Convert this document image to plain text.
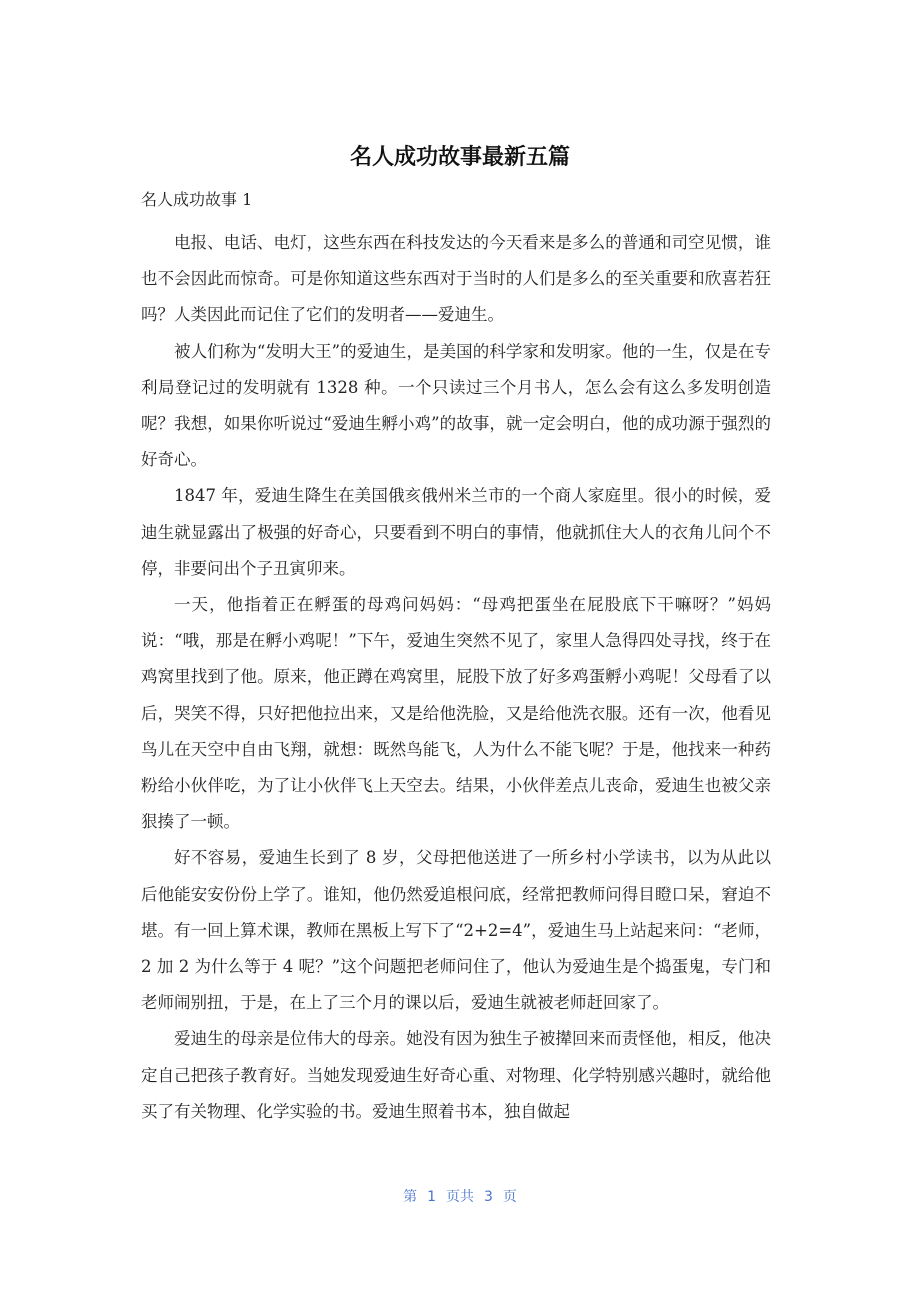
名人成功故事最新五篇
名人成功故事 1

电报、电话、电灯，这些东西在科技发达的今天看来是多么的普通和司空见惯，谁也不会因此而惊奇。可是你知道这些东西对于当时的人们是多么的至关重要和欣喜若狂吗？人类因此而记住了它们的发明者——爱迪生。

被人们称为“发明大王”的爱迪生，是美国的科学家和发明家。他的一生，仅是在专利局登记过的发明就有 1328 种。一个只读过三个月书人，怎么会有这么多发明创造呢？我想，如果你听说过“爱迪生孵小鸡”的故事，就一定会明白，他的成功源于强烈的好奇心。

1847 年，爱迪生降生在美国俄亥俄州米兰市的一个商人家庭里。很小的时候，爱迪生就显露出了极强的好奇心，只要看到不明白的事情，他就抓住大人的衣角儿问个不停，非要问出个子丑寅卯来。

一天，他指着正在孵蛋的母鸡问妈妈：“母鸡把蛋坐在屁股底下干嘛呀？”妈妈说：“哦，那是在孵小鸡呢！”下午，爱迪生突然不见了，家里人急得四处寻找，终于在鸡窝里找到了他。原来，他正蹲在鸡窝里，屁股下放了好多鸡蛋孵小鸡呢！父母看了以后，哭笑不得，只好把他拉出来，又是给他洗脸，又是给他洗衣服。还有一次，他看见鸟儿在天空中自由飞翔，就想：既然鸟能飞，人为什么不能飞呢？于是，他找来一种药粉给小伙伴吃，为了让小伙伴飞上天空去。结果，小伙伴差点儿丧命，爱迪生也被父亲狠揍了一顿。

好不容易，爱迪生长到了 8 岁，父母把他送进了一所乡村小学读书，以为从此以后他能安安份份上学了。谁知，他仍然爱追根问底，经常把教师问得目瞪口呆，窘迫不堪。有一回上算术课，教师在黑板上写下了“2+2=4”，爱迪生马上站起来问：“老师，2 加 2 为什么等于 4 呢？”这个问题把老师问住了，他认为爱迪生是个捣蛋鬼，专门和老师闹别扭，于是，在上了三个月的课以后，爱迪生就被老师赶回家了。

爱迪生的母亲是位伟大的母亲。她没有因为独生子被撵回来而责怪他，相反，他决定自己把孩子教育好。当她发现爱迪生好奇心重、对物理、化学特别感兴趣时，就给他买了有关物理、化学实验的书。爱迪生照着书本，独自做起

第 1 页共 3 页
